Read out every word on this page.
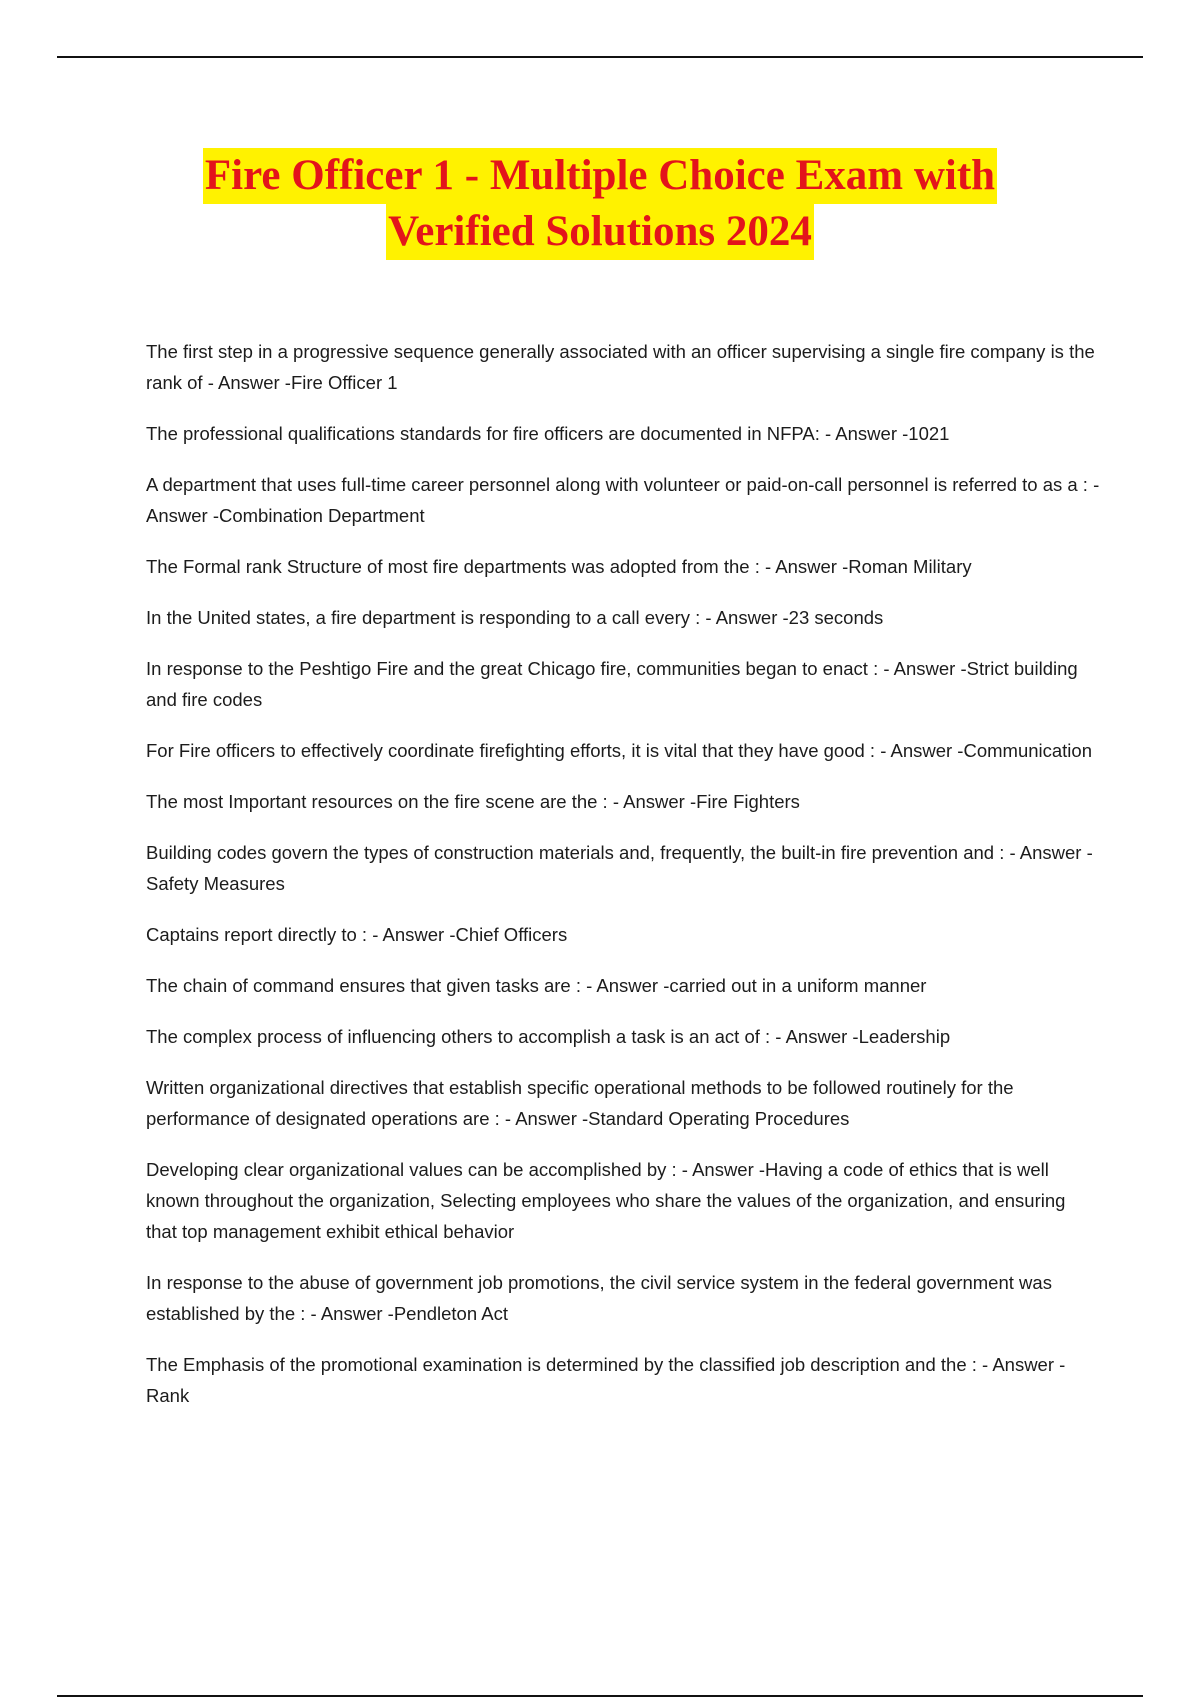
Fire Officer 1 - Multiple Choice Exam with
Verified Solutions 2024

The first step in a progressive sequence generally associated with an officer supervising a single fire company is the rank of - Answer -Fire Officer 1

The professional qualifications standards for fire officers are documented in NFPA: - Answer -1021

A department that uses full-time career personnel along with volunteer or paid-on-call personnel is referred to as a : - Answer -Combination Department

The Formal rank Structure of most fire departments was adopted from the : - Answer -Roman Military

In the United states, a fire department is responding to a call every : - Answer -23 seconds

In response to the Peshtigo Fire and the great Chicago fire, communities began to enact : - Answer -Strict building and fire codes

For Fire officers to effectively coordinate firefighting efforts, it is vital that they have good : - Answer -Communication

The most Important resources on the fire scene are the : - Answer -Fire Fighters

Building codes govern the types of construction materials and, frequently, the built-in fire prevention and : - Answer -Safety Measures

Captains report directly to : - Answer -Chief Officers

The chain of command ensures that given tasks are : - Answer -carried out in a uniform manner

The complex process of influencing others to accomplish a task is an act of : - Answer -Leadership

Written organizational directives that establish specific operational methods to be followed routinely for the performance of designated operations are : - Answer -Standard Operating Procedures

Developing clear organizational values can be accomplished by : - Answer -Having a code of ethics that is well known throughout the organization, Selecting employees who share the values of the organization, and ensuring that top management exhibit ethical behavior

In response to the abuse of government job promotions, the civil service system in the federal government was established by the : - Answer -Pendleton Act

The Emphasis of the promotional examination is determined by the classified job description and the : - Answer -Rank
